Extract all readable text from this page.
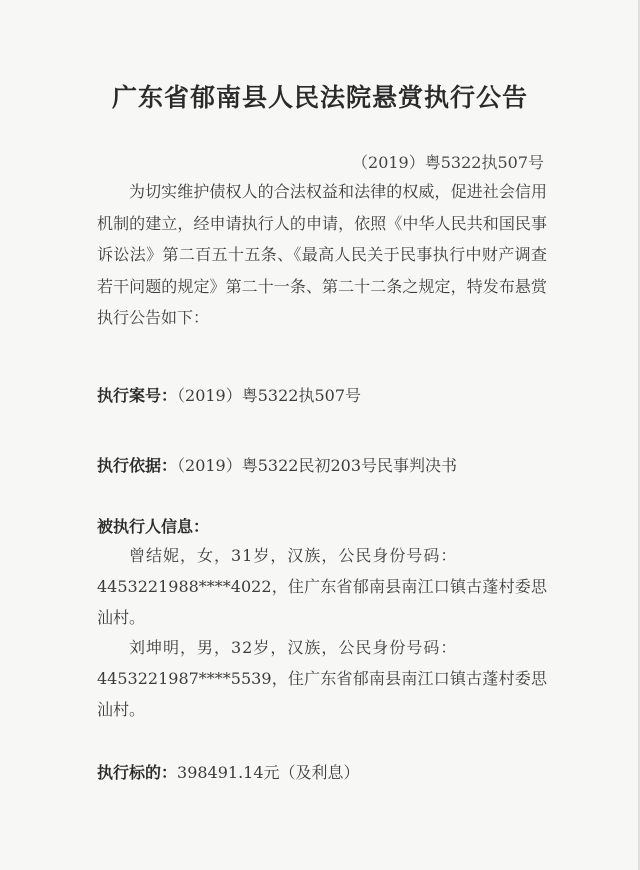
广东省郁南县人民法院悬赏执行公告
（2019）粤5322执507号
为切实维护债权人的合法权益和法律的权威，促进社会信用机制的建立，经申请执行人的申请，依照《中华人民共和国民事诉讼法》第二百五十五条、《最高人民关于民事执行中财产调查若干问题的规定》第二十一条、第二十二条之规定，特发布悬赏执行公告如下：
执行案号：（2019）粤5322执507号
执行依据：（2019）粤5322民初203号民事判决书
被执行人信息：
曾结妮，女，31岁，汉族，公民身份号码：
4453221988****4022，住广东省郁南县南江口镇古蓬村委思汕村。
刘坤明，男，32岁，汉族，公民身份号码：
4453221987****5539，住广东省郁南县南江口镇古蓬村委思汕村。
执行标的：398491.14元（及利息）
